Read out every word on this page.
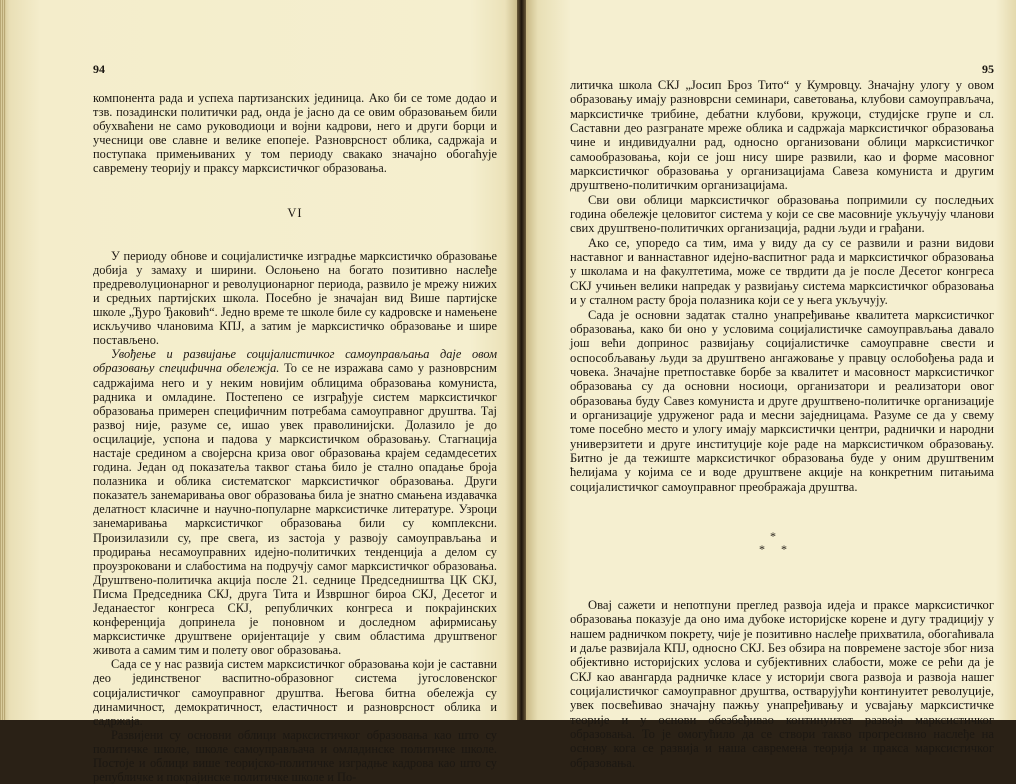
94

компонента рада и успеха партизанских јединица. Ако би се томе додао и тзв. позадински политички рад, онда је јасно да се овим обрaзовањем били обухваћени не само руководиоци и војни кадрови, него и други борци и учесници ове славне и велике епопеје. Разноврсност облика, садржаја и поступака примењиваних у том периоду свакако значајно обогаћује савремену теорију и праксу марксистичког образовања.

VI

У периоду обнове и социјалистичке изградње марксистичко образовање добија у замаху и ширини. Ослоњено на богато позитивно наслеђе предреволуционарног и револуционарног периода, развило је мрежу нижих и средњих партијских школа. Посебно је значајан вид Више партијске школе „Ђуро Ђаковић“. Једно време те школе биле су кадровске и намењене искључиво члановима КПЈ, а затим је марксистичко образовање и шире постављено.

Увођење и развијање социјалистичког самоуправљања даје овом образовању специфична обележја. То се не изражава само у разноврсним садржајима него и у неким новијим облицима образовања комуниста, радника и омладине. Постепено се изграђује систем марксистичког образовања примерен специфичним потребама самоуправног друштва. Тај развој није, разуме се, ишао увек праволинијски. Долазило је до осцилације, успона и падова у марксистичком образовању. Стагнација настаје средином а својерсна криза овог образовања крајем седамдесетих година. Један од показатеља таквог стања било је стално опадање броја полазника и облика систематског марксистичког образовања. Други показатељ занемаривања овог образовања била је знатно смањена издавачка делатност класичне и научно-популарне марксистичке литературе. Узроци занемаривања марксистичког образовања били су комплексни. Произилазили су, пре свега, из застоја у развоју самоуправљања и продирања несамоуправних идејно-политичких тенденција а делом су проузроковани и слабостима на подручју самог марксистичког образовања. Друштвено-политичка акција после 21. седнице Председништва ЦК СКЈ, Писма Председника СКЈ, друга Тита и Извршног бироа СКЈ, Десетог и Једанаестог конгреса СКЈ, републичких конгреса и покрајинских конференција допринела је поновном и доследном афирмисању марксистичке друштвене оријентације у свим областима друштвеног живота а самим тим и полету овог образовања.

Сада се у нас развија систем марксистичког образовања који је саставни део јединственог васпитно-образовног система југословенског социјалистичког самоуправног друштва. Његова битна обележја су динамичност, демократичност, еластичност и разноврсност облика и садржаја.

Развијени су основни облици марксистичког образовања као што су политичке школе, школе самоуправљача и омладинске политичке школе. Постоје и облици више теоријско-политичке изградње кадрова као што су републичке и покрајинске политичке школе и По-

95

литичка школа СКЈ „Јосип Броз Тито“ у Кумровцу. Значајну улогу у овом образовању имају разноврсни семинари, саветовања, клубови самоуправљача, марксистичке трибине, дебатни клубови, кружоци, студијске групе и сл. Саставни део разгранате мреже облика и садржаја марксистичког образовања чине и индивидуални рад, односно организовани облици марксистичког самообразовања, који се још нису шире развили, као и форме масовног марксистичког образовања у организацијама Савеза комуниста и другим друштвено-политичким организацијама.

Сви ови облици марксистичког образовања попримили су последњих година обележје целовитог система у који се све масовније укључују чланови свих друштвено-политичких организација, радни људи и грађани.

Ако се, упоредо са тим, има у виду да су се развили и разни видови наставног и ваннаставног идејно-васпитног рада и марксистичког образовања у школама и на факултетима, може се тврдити да је после Десетог конгреса СКЈ учињен велики напредак у развијању система марксистичког образовања и у сталном расту броја полазника који се у њега укључују.

Сада је основни задатак стално унапређивање квалитета марксистичког образовања, како би оно у условима социјалистичке самоуправљања давало још већи допринос развијању социјалистичке самоуправне свести и оспособљавању људи за друштвено ангажовање у правцу ослобођења рада и човека. Значајне претпоставке борбе за квалитет и масовност марксистичког образовања су да основни носиоци, организатори и реализатори овог образовања буду Савез комуниста и друге друштвено-политичке организације и организације удруженог рада и месни заједницама. Разуме се да у свему томе посебно место и улогу имају марксистички центри, раднички и народни универзитети и друге институције које раде на марксистичком образовању. Битно је да тежиште марксистичког образовања буде у оним друштвеним ћелијама у којима се и воде друштвене акције на конкретним питањима социјалистичког самоуправног преображаја друштва.

*
* *

Овај сажети и непотпуни преглед развоја идеја и праксе марксистичког образовања показује да оно има дубоке историјске корене и дугу традицију у нашем радничком покрету, чије је позитивно наслеђе прихватила, обогаћивала и даље развијала КПЈ, односно СКЈ. Без обзира на повремене застоје због низа објективно историјских услова и субјективних слабости, може се рећи да је СКЈ као авангарда радничке класе у историји свога развоја и развоја нашег социјалистичког самоуправног друштва, остварујући континуитет револуције, увек посвећивао значајну пажњу унапређивању и усвајању марксистичке теорије и у основи обезбеђивао континуитет развоја марксистичког образовања. То је омогућило да се створи такво прогресивно наслеђе на основу кога се развија и наша савремена теорија и пракса марксистичког образовања.
